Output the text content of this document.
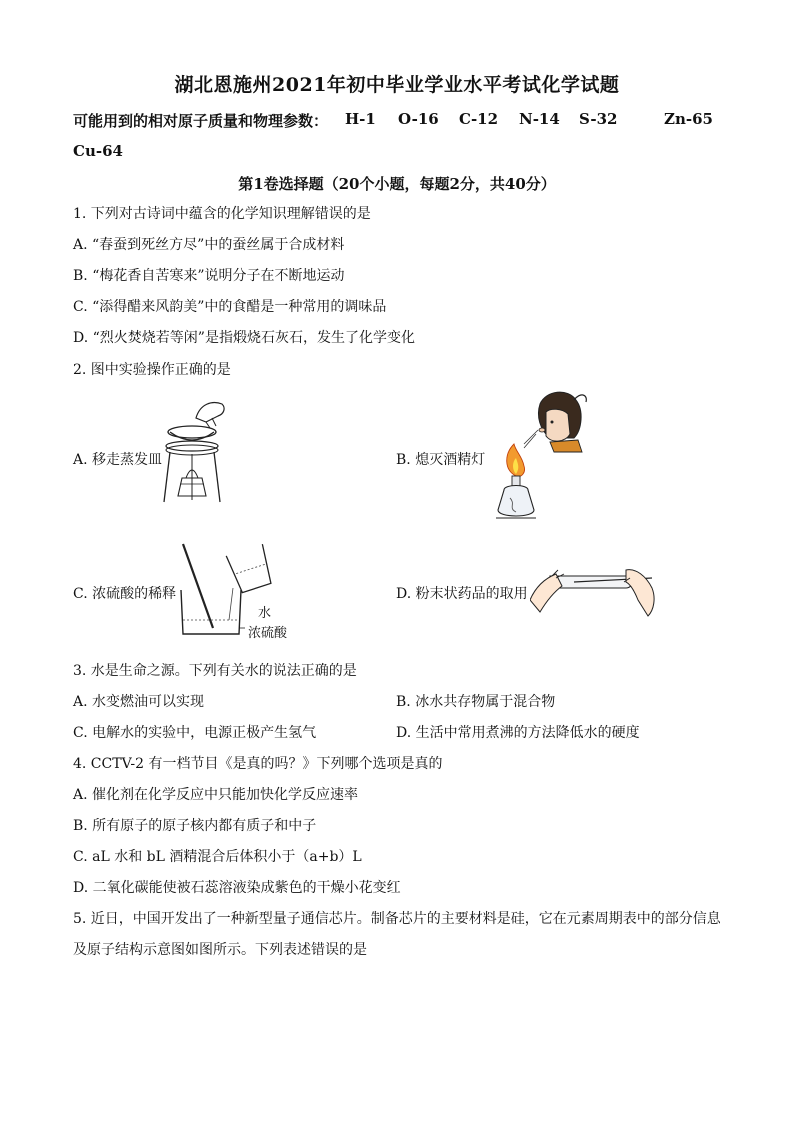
湖北恩施州2021年初中毕业学业水平考试化学试题
可能用到的相对原子质量和物理参数： H-1 O-16 C-12 N-14 S-32	Zn-65
Cu-64
第1卷选择题（20个小题，每题2分，共40分）
1. 下列对古诗词中蕴含的化学知识理解错误的是
A. “春蚕到死丝方尽”中的蚕丝属于合成材料
B. “梅花香自苦寒来”说明分子在不断地运动
C. “添得醋来风韵美”中的食醋是一种常用的调味品
D. “烈火焚烧若等闲”是指煅烧石灰石，发生了化学变化
2. 图中实验操作正确的是
A. 移走蒸发皿	B. 熄灭酒精灯
C. 浓硫酸的稀释
水
浓硫酸
D. 粉末状药品的取用
3. 水是生命之源。下列有关水的说法正确的是
A. 水变燃油可以实现	B. 冰水共存物属于混合物
C. 电解水的实验中，电源正极产生氢气	D. 生活中常用煮沸的方法降低水的硬度
4. CCTV-2 有一档节目《是真的吗？》下列哪个选项是真的
A. 催化剂在化学反应中只能加快化学反应速率
B. 所有原子的原子核内都有质子和中子
C. aL 水和 bL 酒精混合后体积小于（a+b）L
D. 二氧化碳能使被石蕊溶液染成紫色的干燥小花变红
5. 近日，中国开发出了一种新型量子通信芯片。制备芯片的主要材料是硅，它在元素周期表中的部分信息
及原子结构示意图如图所示。下列表述错误的是
